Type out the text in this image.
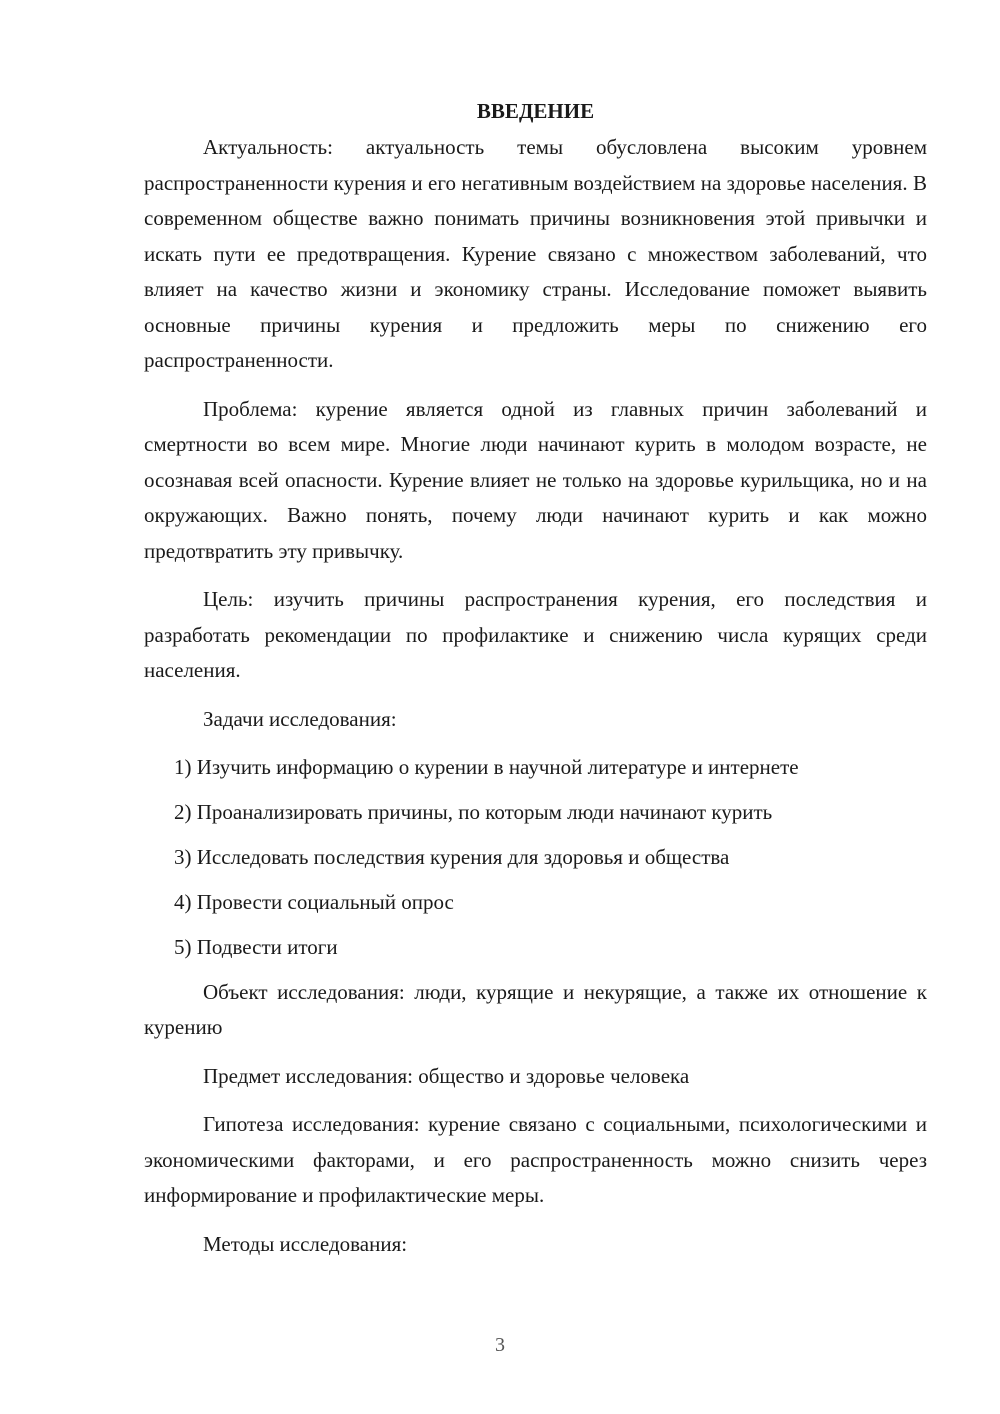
ВВЕДЕНИЕ

Актуальность: актуальность темы обусловлена высоким уровнем распространенности курения и его негативным воздействием на здоровье населения. В современном обществе важно понимать причины возникновения этой привычки и искать пути ее предотвращения. Курение связано с множеством заболеваний, что влияет на качество жизни и экономику страны. Исследование поможет выявить основные причины курения и предложить меры по снижению его распространенности.

Проблема: курение является одной из главных причин заболеваний и смертности во всем мире. Многие люди начинают курить в молодом возрасте, не осознавая всей опасности. Курение влияет не только на здоровье курильщика, но и на окружающих. Важно понять, почему люди начинают курить и как можно предотвратить эту привычку.

Цель: изучить причины распространения курения, его последствия и разработать рекомендации по профилактике и снижению числа курящих среди населения.

Задачи исследования:

1) Изучить информацию о курении в научной литературе и интернете
2) Проанализировать причины, по которым люди начинают курить
3) Исследовать последствия курения для здоровья и общества
4) Провести социальный опрос
5) Подвести итоги

Объект исследования: люди, курящие и некурящие, а также их отношение к курению

Предмет исследования: общество и здоровье человека

Гипотеза исследования: курение связано с социальными, психологическими и экономическими факторами, и его распространенность можно снизить через информирование и профилактические меры.

Методы исследования:

3
